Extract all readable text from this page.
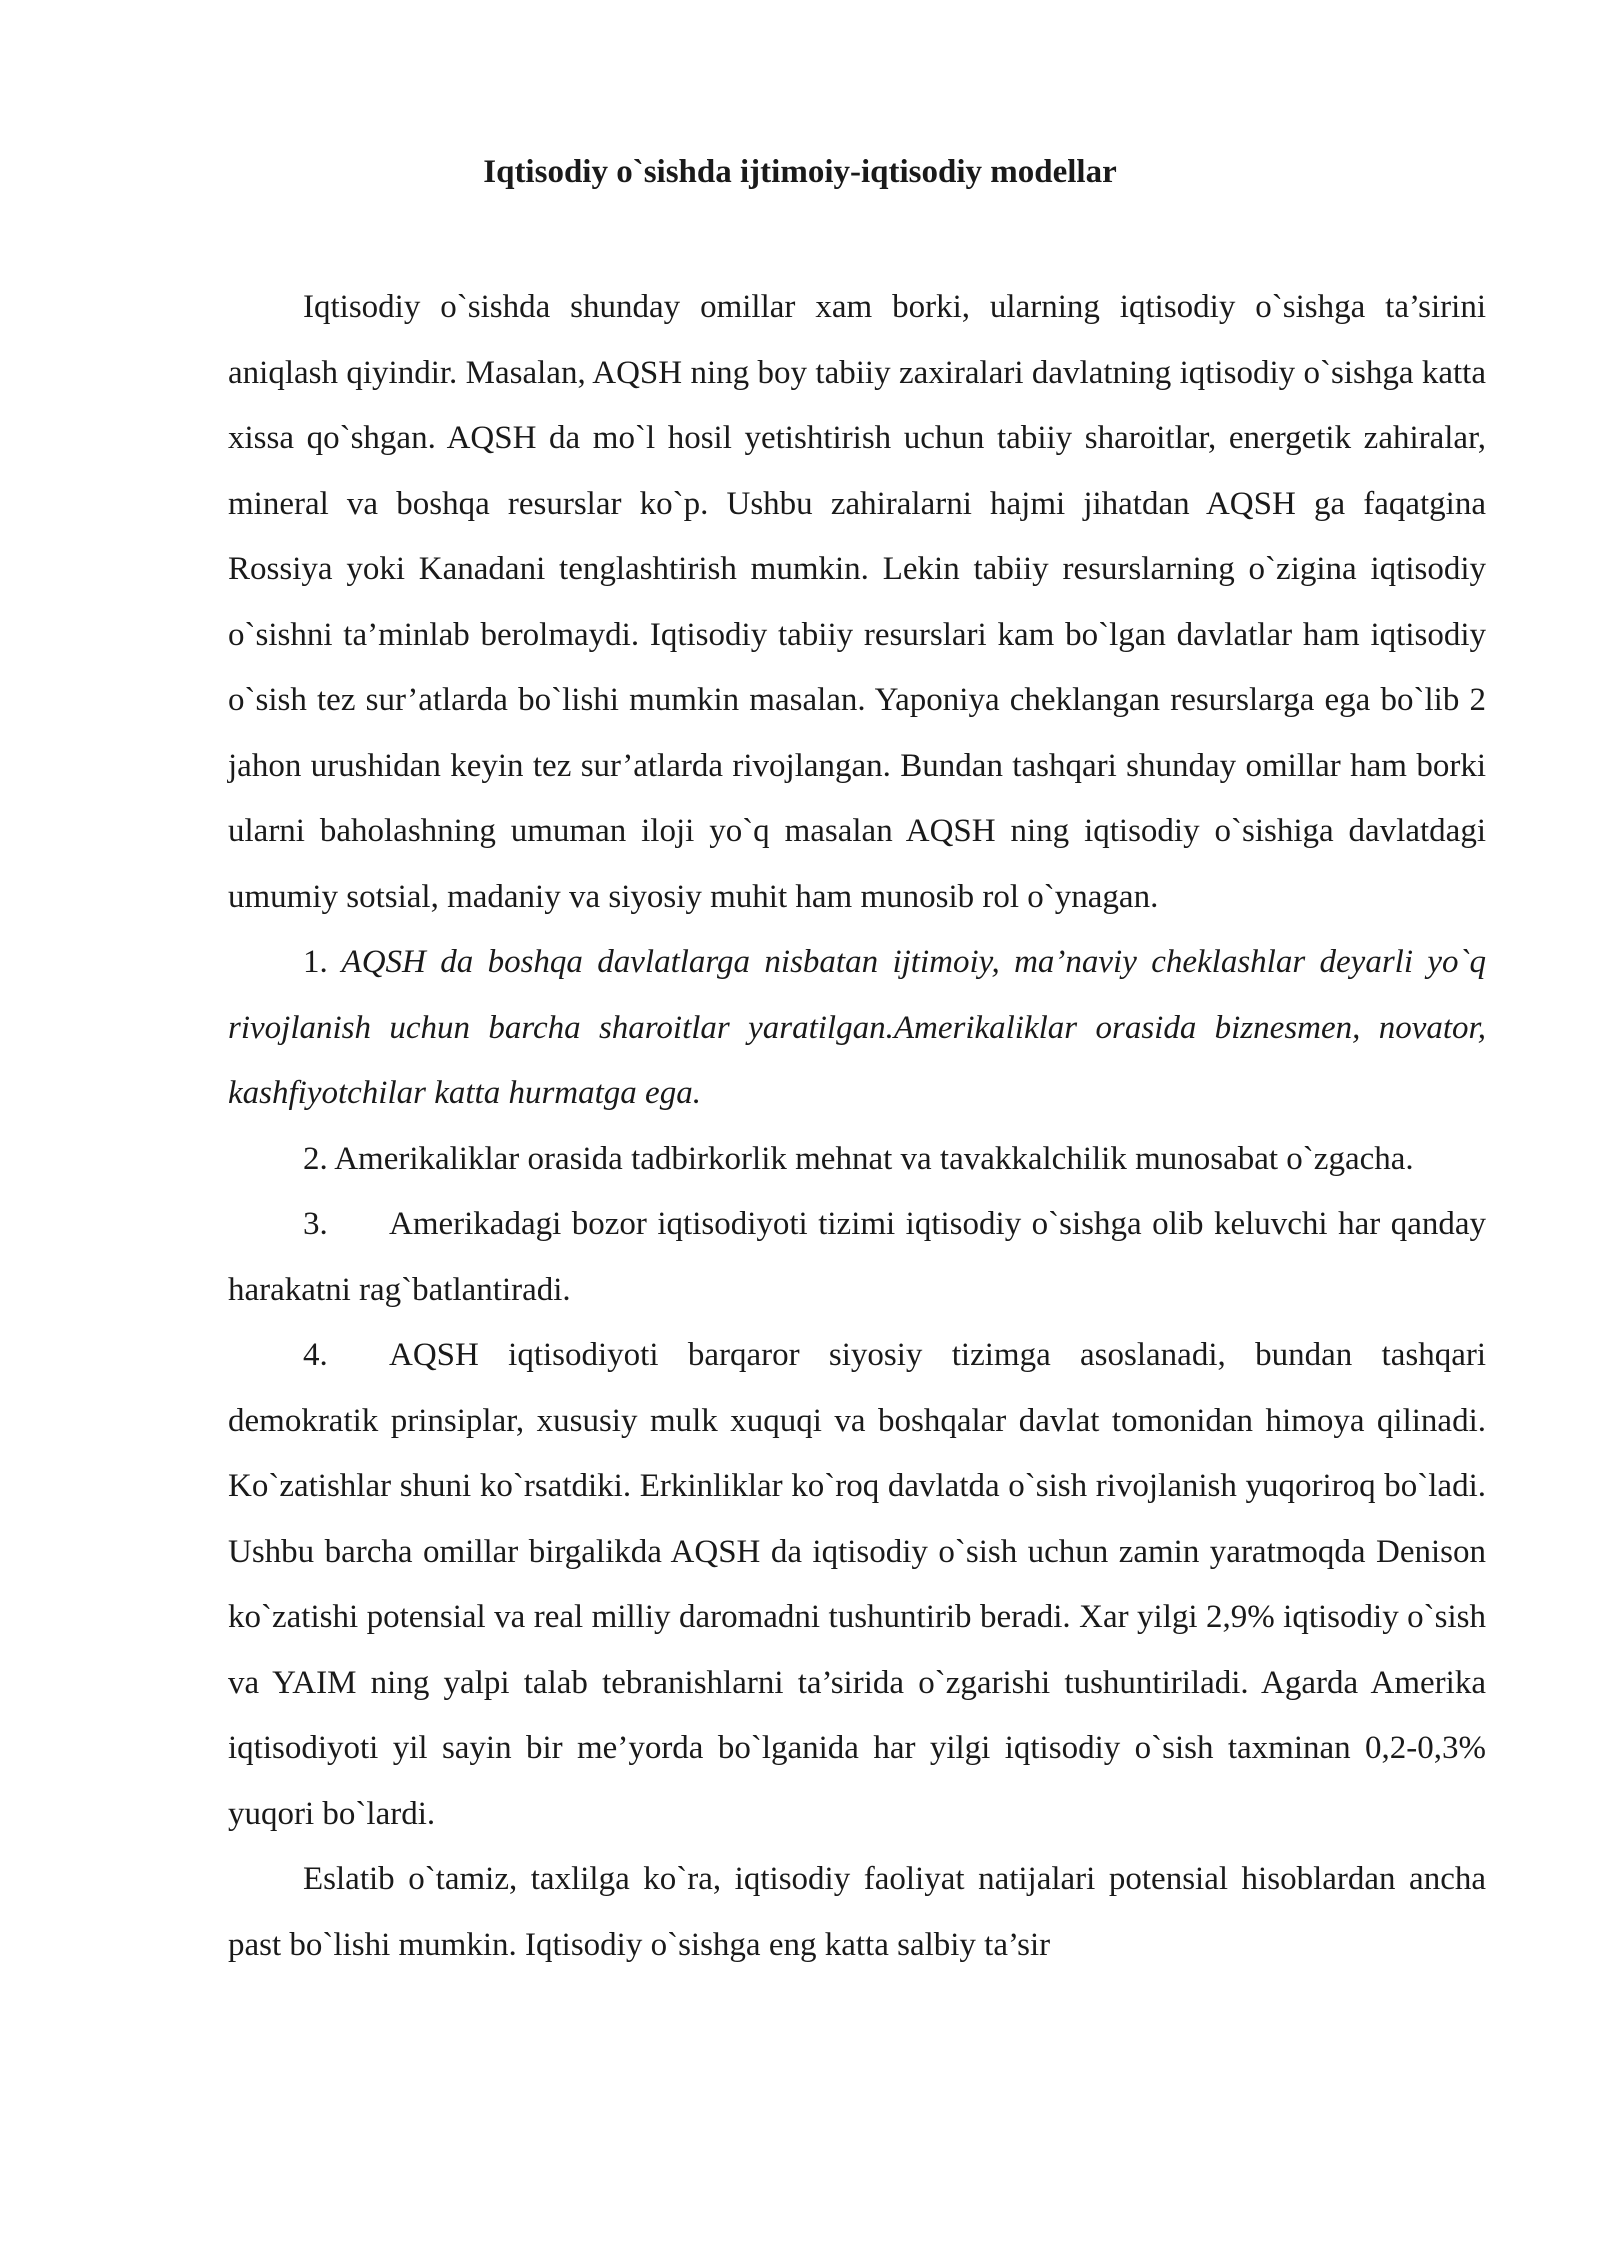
Iqtisodiy o`sishda ijtimoiy-iqtisodiy modellar

Iqtisodiy o`sishda shunday omillar xam borki, ularning iqtisodiy o`sishga ta’sirini aniqlash qiyindir. Masalan, AQSH ning boy tabiiy zaxiralari davlatning iqtisodiy o`sishga katta xissa qo`shgan. AQSH da mo`l hosil yetishtirish uchun tabiiy sharoitlar, energetik zahiralar, mineral va boshqa resurslar ko`p. Ushbu zahiralarni hajmi jihatdan AQSH ga faqatgina Rossiya yoki Kanadani tenglashtirish mumkin. Lekin tabiiy resurslarning o`zigina iqtisodiy o`sishni ta’minlab berolmaydi. Iqtisodiy tabiiy resurslari kam bo`lgan davlatlar ham iqtisodiy o`sish tez sur’atlarda bo`lishi mumkin masalan. Yaponiya cheklangan resurslarga ega bo`lib 2 jahon urushidan keyin tez sur’atlarda rivojlangan. Bundan tashqari shunday omillar ham borki ularni baholashning umuman iloji yo`q masalan AQSH ning iqtisodiy o`sishiga davlatdagi umumiy sotsial, madaniy va siyosiy muhit ham munosib rol o`ynagan.

1. AQSH da boshqa davlatlarga nisbatan ijtimoiy, ma’naviy cheklashlar deyarli yo`q rivojlanish uchun barcha sharoitlar yaratilgan.Amerikaliklar orasida biznesmen, novator, kashfiyotchilar katta hurmatga ega.

2. Amerikaliklar orasida tadbirkorlik mehnat va tavakkalchilik munosabat o`zgacha.

3. Amerikadagi bozor iqtisodiyoti tizimi iqtisodiy o`sishga olib keluvchi har qanday harakatni rag`batlantiradi.

4. AQSH iqtisodiyoti barqaror siyosiy tizimga asoslanadi, bundan tashqari demokratik prinsiplar, xususiy mulk xuquqi va boshqalar davlat tomonidan himoya qilinadi. Ko`zatishlar shuni ko`rsatdiki. Erkinliklar ko`roq davlatda o`sish rivojlanish yuqoriroq bo`ladi. Ushbu barcha omillar birgalikda AQSH da iqtisodiy o`sish uchun zamin yaratmoqda Denison ko`zatishi potensial va real milliy daromadni tushuntirib beradi. Xar yilgi 2,9% iqtisodiy o`sish va YAIM ning yalpi talab tebranishlarni ta’sirida o`zgarishi tushuntiriladi. Agarda Amerika iqtisodiyoti yil sayin bir me’yorda bo`lganida har yilgi iqtisodiy o`sish taxminan 0,2-0,3% yuqori bo`lardi.

Eslatib o`tamiz, taxlilga ko`ra, iqtisodiy faoliyat natijalari potensial hisoblardan ancha past bo`lishi mumkin. Iqtisodiy o`sishga eng katta salbiy ta’sir
